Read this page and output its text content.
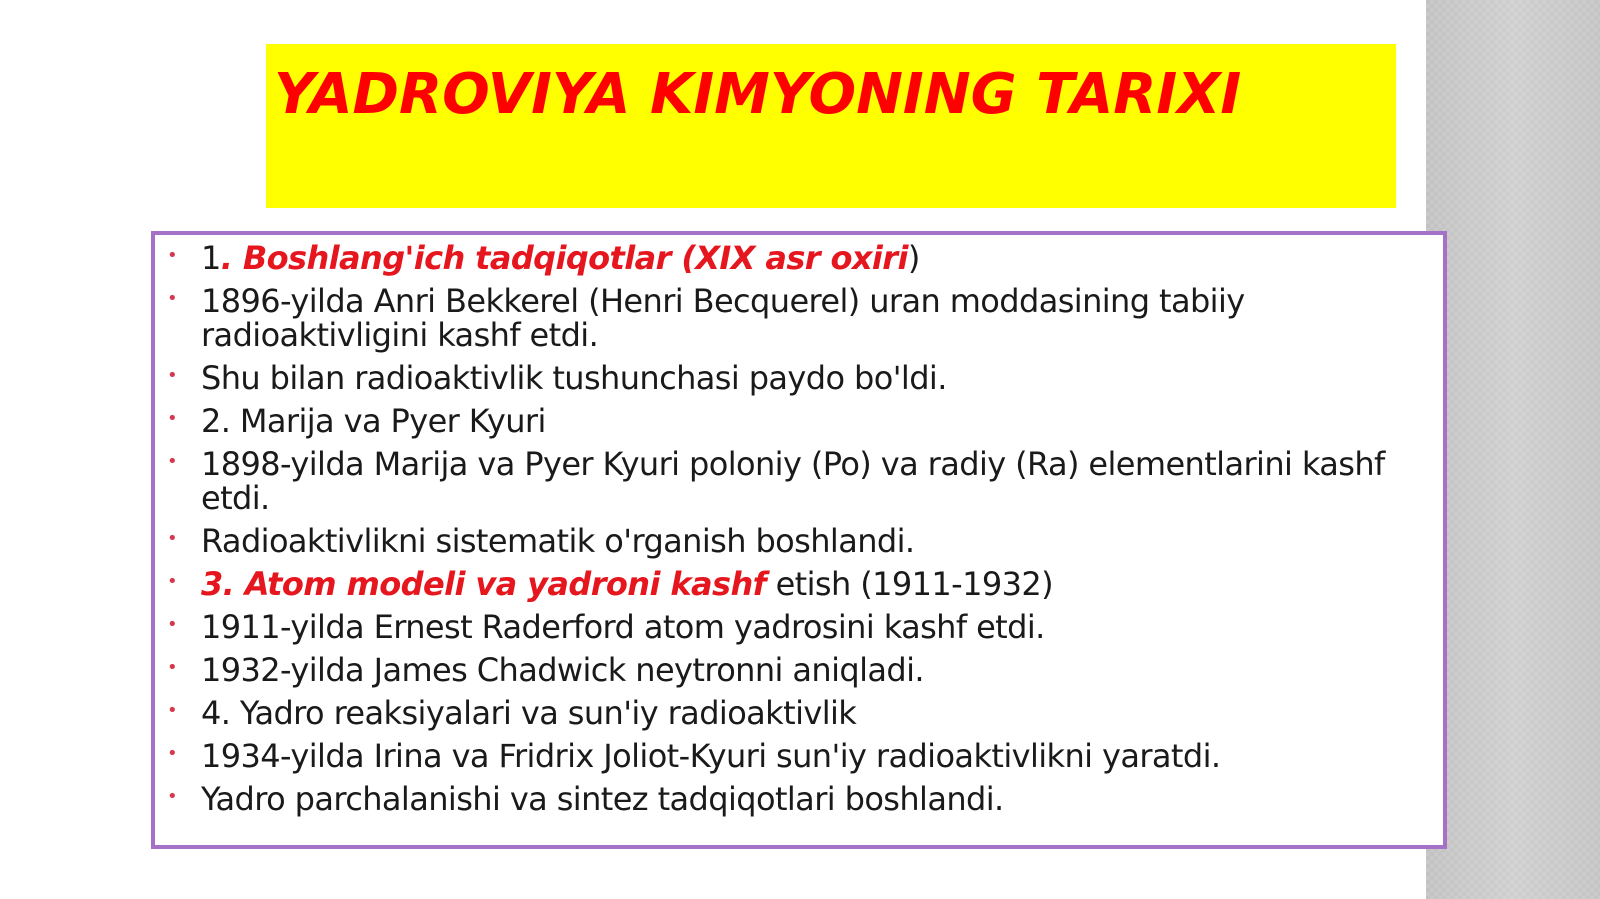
YADROVIYA KIMYONING TARIXI
• 1. Boshlang'ich tadqiqotlar (XIX asr oxiri)
• 1896-yilda Anri Bekkerel (Henri Becquerel) uran moddasining tabiiy radioaktivligini kashf etdi.
• Shu bilan radioaktivlik tushunchasi paydo bo'ldi.
• 2. Marija va Pyer Kyuri
• 1898-yilda Marija va Pyer Kyuri poloniy (Po) va radiy (Ra) elementlarini kashf etdi.
• Radioaktivlikni sistematik o'rganish boshlandi.
• 3. Atom modeli va yadroni kashf etish (1911-1932)
• 1911-yilda Ernest Raderford atom yadrosini kashf etdi.
• 1932-yilda James Chadwick neytronni aniqladi.
• 4. Yadro reaksiyalari va sun'iy radioaktivlik
• 1934-yilda Irina va Fridrix Joliot-Kyuri sun'iy radioaktivlikni yaratdi.
• Yadro parchalanishi va sintez tadqiqotlari boshlandi.
